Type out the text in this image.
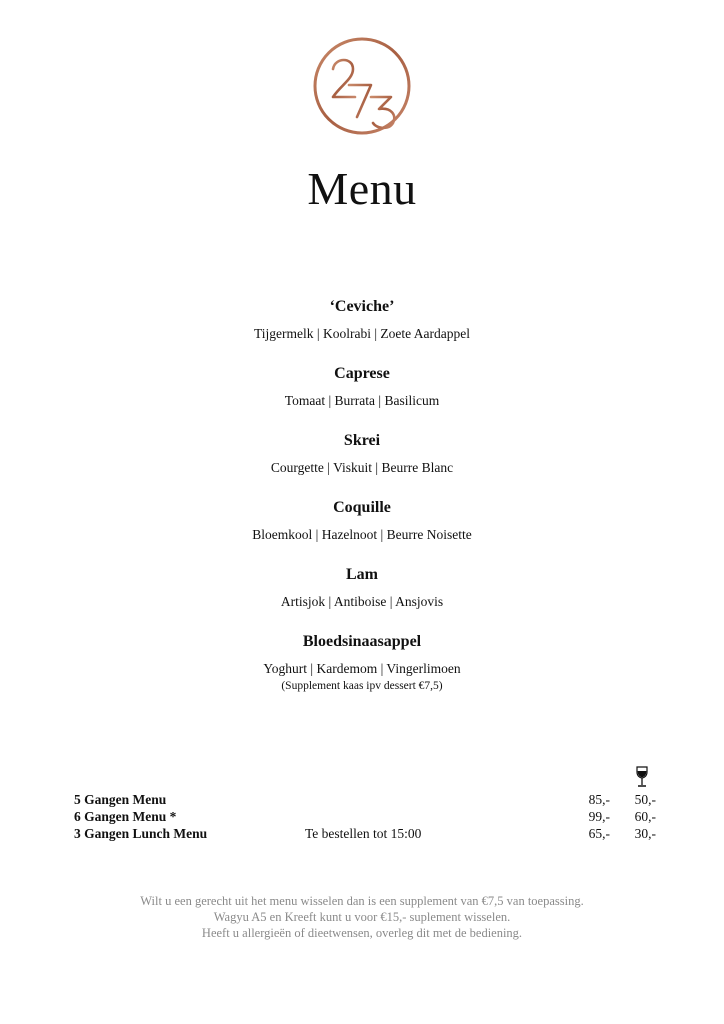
Menu
‘Ceviche’
Tijgermelk | Koolrabi | Zoete Aardappel
Caprese
Tomaat | Burrata | Basilicum
Skrei
Courgette | Viskuit | Beurre Blanc
Coquille
Bloemkool | Hazelnoot | Beurre Noisette
Lam
Artisjok | Antiboise | Ansjovis
Bloedsinaasappel
Yoghurt | Kardemom | Vingerlimoen
(Supplement kaas ipv dessert €7,5)
5 Gangen Menu	85,- 50,-
6 Gangen Menu *	99,- 60,-
3 Gangen Lunch Menu	Te bestellen tot 15:00	65,- 30,-
Wilt u een gerecht uit het menu wisselen dan is een supplement van €7,5 van toepassing.
Wagyu A5 en Kreeft kunt u voor €15,- suplement wisselen.
Heeft u allergieën of dieetwensen, overleg dit met de bediening.
